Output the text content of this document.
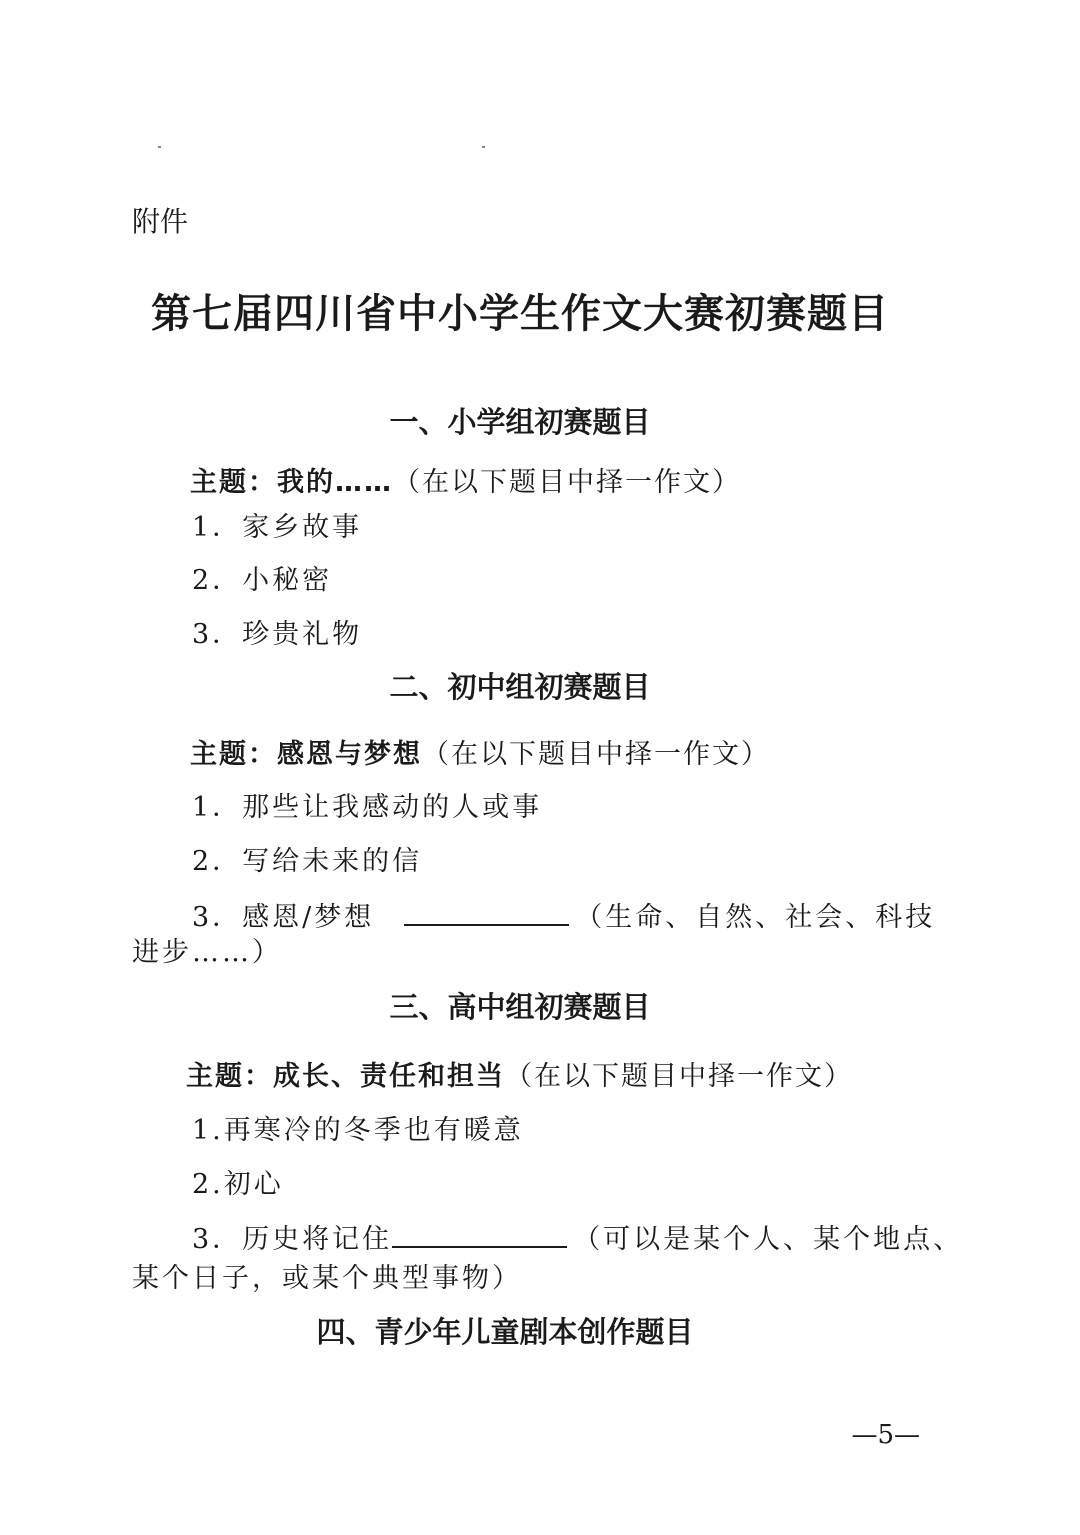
附件
第七届四川省中小学生作文大赛初赛题目
一、小学组初赛题目
主题：我的……（在以下题目中择一作文）
1．家乡故事
2．小秘密
3．珍贵礼物
二、初中组初赛题目
主题：感恩与梦想（在以下题目中择一作文）
1．那些让我感动的人或事
2．写给未来的信
3．感恩/梦想	（生命、自然、社会、科技
进步……）
三、高中组初赛题目
主题：成长、责任和担当（在以下题目中择一作文）
1.再寒冷的冬季也有暖意
2.初心
3．历史将记住	（可以是某个人、某个地点、
某个日子，或某个典型事物）
四、青少年儿童剧本创作题目
—5—
